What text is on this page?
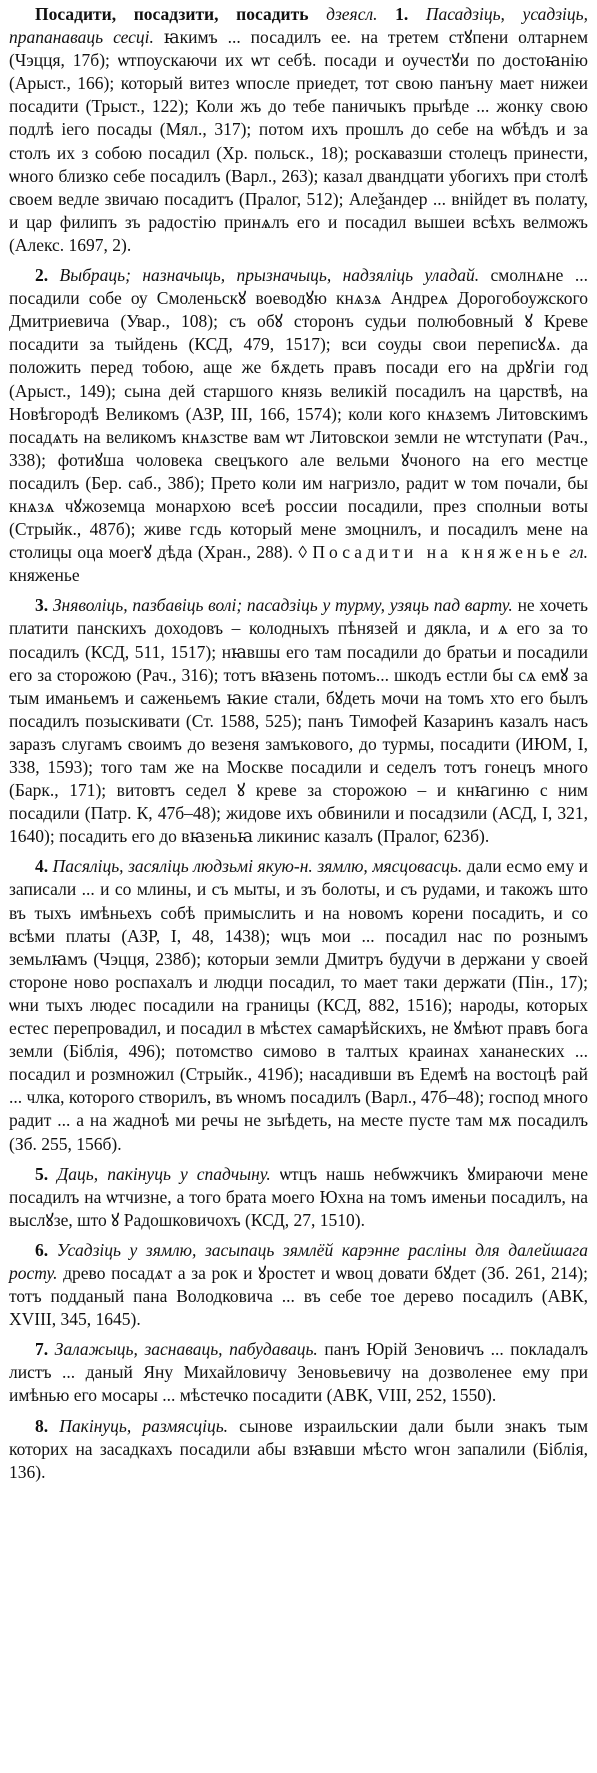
Посадити, посадзити, посадить дзеясл. 1. Пасадзіць, усадзіць, прапанаваць сесці. ꙗкимъ ... посадилъ ее. на третем стꙋпени олтарнем (Чэцця, 17б); ѡтпоускаючи их ѡт себѣ. посади и оучестꙋи по достоꙗнію (Арыст., 166); который витез ѡпосле приедет, тот свою панъну мает нижеи посадити (Трыст., 122); Коли жъ до тебе паничыкъ прыѣде ... жонку свою подлѣ іего посады (Мял., 317); потом ихъ прошлъ до себе на ѡбѣдъ и за столъ их з собою посадил (Хр. польск., 18); роскавазши столецъ принести, ѡного близко себе посадилъ (Варл., 263); казал двандцати убогихъ при столѣ своем ведле звичаю посадитъ (Пралог, 512); Алеѯандер ... внійдет въ полату, и цар филипъ зъ радостію принѧлъ его и посадил вышеи всѣхъ велможъ (Алекс. 1697, 2).

2. Выбраць; назначыць, прызначыць, надзяліць уладай. смолнѧне ... посадили собе оу Смоленьскꙋ воеводꙋю кнѧзѧ Андреѧ Дорогобоужского Дмитриевича (Увар., 108); съ обꙋ сторонъ судьи полюбовный ꙋ Креве посадити за тыйдень (КСД, 479, 1517); вси соуды свои переписꙋѧ. да положить перед тобою, аще же бѫдеть правъ посади его на дрꙋгіи год (Арыст., 149); сына дей старшого князь великій посадилъ на царствѣ, на Новѣгородѣ Великомъ (АЗР, III, 166, 1574); коли кого кнѧземъ Литовскимъ посадѧть на великомъ кнѧзстве вам ѡт Литовскои земли не ѡтступати (Рач., 338); фотиꙋша чоловека свецъкого але вельми ꙋчоного на его местце посадилъ (Бер. саб., 38б); Прето коли им нагризло, радит ѡ том почали, бы кнѧзѧ чꙋжоземца монархою всеѣ россии посадили, през сполныи воты (Стрыйк., 487б); живе гсдь который мене змоцнилъ, и посадилъ мене на столицы оца моегꙋ дѣда (Хран., 288). ◊ Посадити на княженье гл. княженье

3. Зняволіць, пазбавіць волі; пасадзіць у турму, узяць пад варту. не хочеть платити панскихъ доходовъ – колодныхъ пѣнязей и дякла, и ѧ его за то посадилъ (КСД, 511, 1517); нꙗвшы его там посадили до братьи и посадили его за сторожою (Рач., 316); тотъ вꙗзень потомъ... шкодъ естли бы сѧ емꙋ за тым иманьемъ и саженьемъ ꙗкие стали, бꙋдеть мочи на томъ хто его былъ посадилъ позыскивати (Ст. 1588, 525); панъ Тимофей Казаринъ казалъ насъ заразъ слугамъ своимъ до везеня замъкового, до турмы, посадити (ИЮМ, І, 338, 1593); того там же на Москве посадили и седелъ тотъ гонецъ много (Барк., 171); витовтъ седел ꙋ креве за сторожою – и кнꙗгиню с ним посадили (Патр. К, 47б–48); жидове ихъ обвинили и посадзили (АСД, І, 321, 1640); посадить его до вꙗзеньꙗ ликинис казалъ (Пралог, 623б).

4. Пасяліць, засяліць людзьмі якую-н. зямлю, мясцовасць. дали есмо ему и записали ... и со млины, и съ мыты, и зъ болоты, и съ рудами, и такожъ што въ тыхъ имѣньехъ собѣ примыслить и на новомъ корени посадить, и со всѣми платы (АЗР, І, 48, 1438); ѡцъ мои ... посадил нас по рознымъ земьлꙗмъ (Чэцця, 238б); которыи земли Дмитръ будучи в держани у своей стороне ново роспахалъ и людци посадил, то мает таки держати (Пін., 17); ѡни тыхъ людес посадили на границы (КСД, 882, 1516); народы, которых естес перепровадил, и посадил в мѣстех самарѣйскихъ, не ꙋмѣют правъ бога земли (Біблія, 496); потомство симово в талтых краинах хананеских ... посадил и розмножил (Стрыйк., 419б); насадивши въ Едемѣ на востоцѣ рай ... члка, которого створилъ, въ ѡномъ посадилъ (Варл., 47б–48); господ много радит ... а на жадноѣ ми речы не зыѣдеть, на месте пусте там мѫ посадилъ (Зб. 255, 156б).

5. Даць, пакінуць у спадчыну. ѡтцъ нашь небѡжчикъ ꙋмираючи мене посадилъ на ѡтчизне, а того брата моего Юхна на томъ именьи посадилъ, на выслꙋзе, што ꙋ Радошковичохъ (КСД, 27, 1510).

6. Усадзіць у зямлю, засыпаць зямлёй карэнне расліны для далейшага росту. древо посадѧт а за рок и ꙋростет и ѡвоц довати бꙋдет (Зб. 261, 214); тотъ подданый пана Володковича ... въ себе тое дерево посадилъ (АВК, XVIII, 345, 1645).

7. Залажыць, заснаваць, пабудаваць. панъ Юрій Зеновичъ ... покладалъ листъ ... даный Яну Михайловичу Зеновьевичу на дозволенее ему при имѣнью его мосары ... мѣстечко посадити (АВК, VIII, 252, 1550).

8. Пакінуць, размясціць. сынове израильскии дали были знакъ тым которих на засадкахъ посадили абы взꙗвши мѣсто ѡгон запалили (Біблія, 136).
